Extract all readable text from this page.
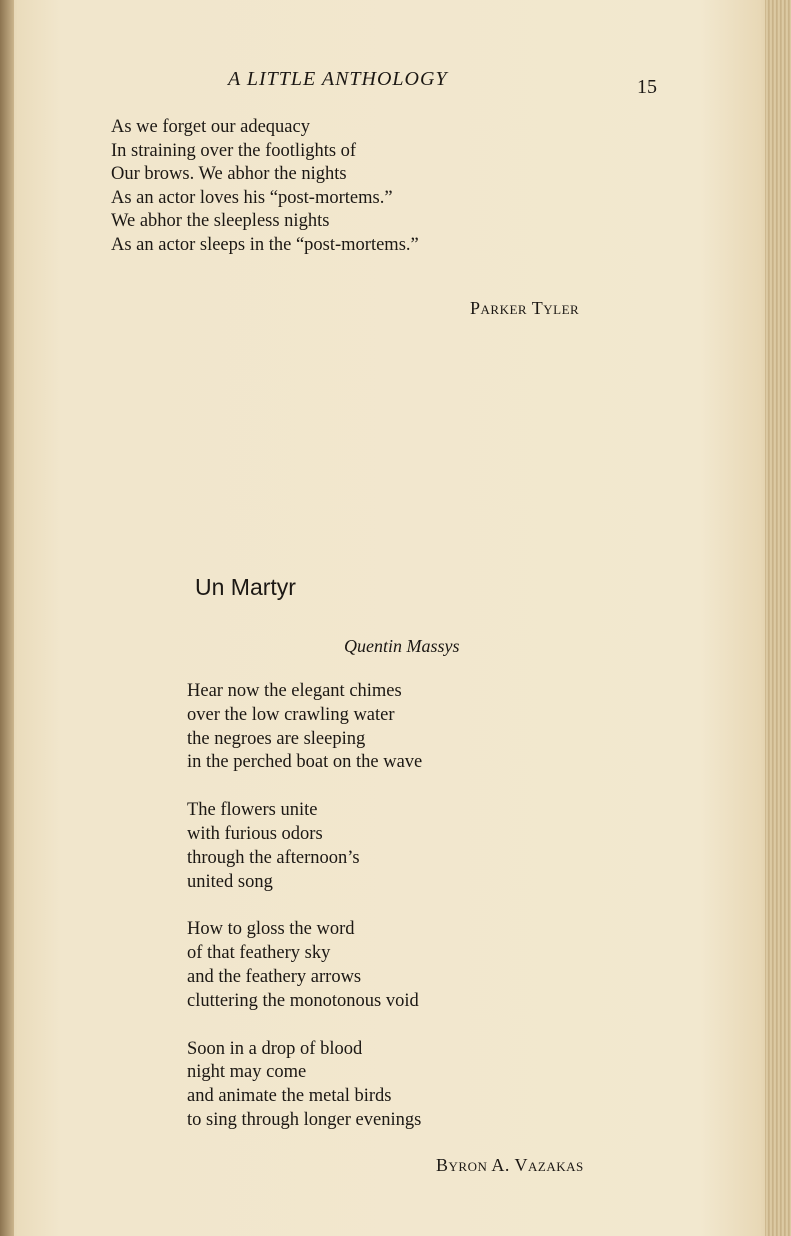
A LITTLE ANTHOLOGY	15
As we forget our adequacy
In straining over the footlights of
Our brows. We abhor the nights
As an actor loves his “post-mortems.”
We abhor the sleepless nights
As an actor sleeps in the “post-mortems.”
Parker Tyler
Un Martyr
Quentin Massys
Hear now the elegant chimes
over the low crawling water
the negroes are sleeping
in the perched boat on the wave
The flowers unite
with furious odors
through the afternoon’s
united song
How to gloss the word
of that feathery sky
and the feathery arrows
cluttering the monotonous void
Soon in a drop of blood
night may come
and animate the metal birds
to sing through longer evenings
Byron A. Vazakas
